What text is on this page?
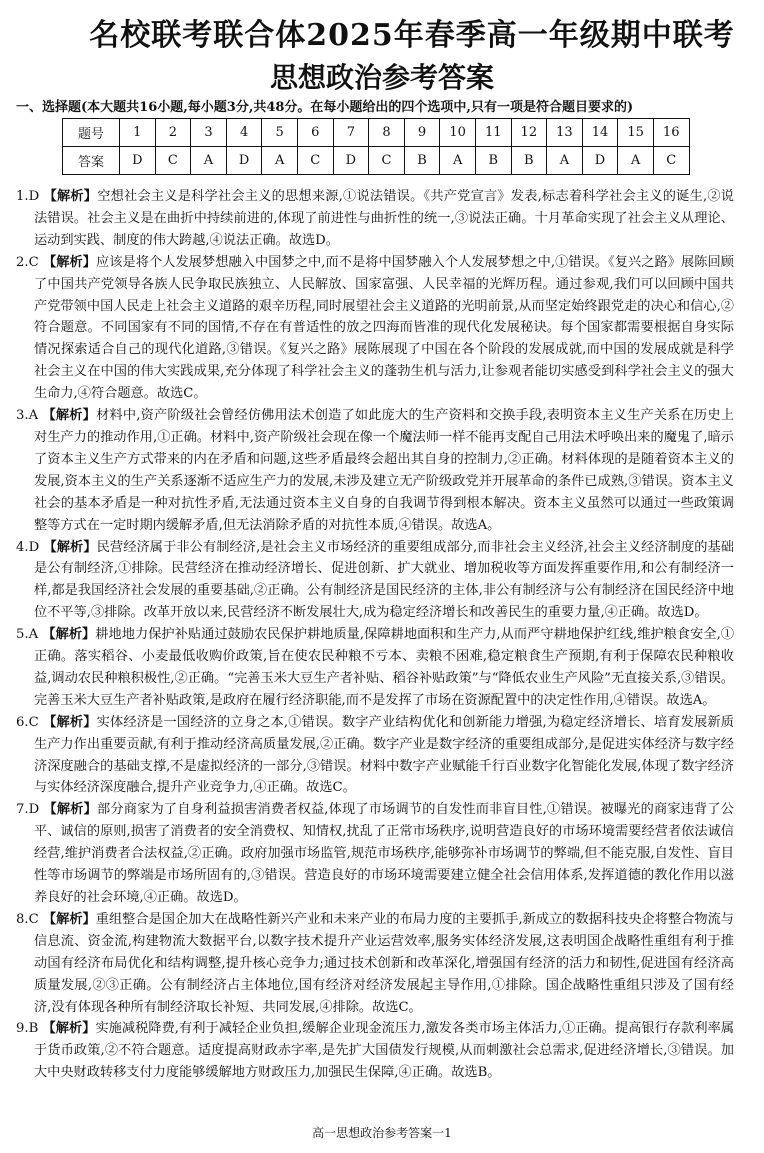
名校联考联合体2025年春季高一年级期中联考
思想政治参考答案
一、选择题(本大题共16小题,每小题3分,共48分。在每小题给出的四个选项中,只有一项是符合题目要求的)
题号	1	2	3	4	5	6	7	8	9	10	11	12	13	14	15	16
答案	D	C	A	D	A	C	D	C	B	A	B	B	A	D	A	C
1.D 【解析】空想社会主义是科学社会主义的思想来源,①说法错误。《共产党宣言》发表,标志着科学社会主义的诞生,②说法错误。社会主义是在曲折中持续前进的,体现了前进性与曲折性的统一,③说法正确。十月革命实现了社会主义从理论、运动到实践、制度的伟大跨越,④说法正确。故选D。
2.C 【解析】应该是将个人发展梦想融入中国梦之中,而不是将中国梦融入个人发展梦想之中,①错误。《复兴之路》展陈回顾了中国共产党领导各族人民争取民族独立、人民解放、国家富强、人民幸福的光辉历程。通过参观,我们可以回顾中国共产党带领中国人民走上社会主义道路的艰辛历程,同时展望社会主义道路的光明前景,从而坚定始终跟党走的决心和信心,②符合题意。不同国家有不同的国情,不存在有普适性的放之四海而皆准的现代化发展秘诀。每个国家都需要根据自身实际情况探索适合自己的现代化道路,③错误。《复兴之路》展陈展现了中国在各个阶段的发展成就,而中国的发展成就是科学社会主义在中国的伟大实践成果,充分体现了科学社会主义的蓬勃生机与活力,让参观者能切实感受到科学社会主义的强大生命力,④符合题意。故选C。
3.A 【解析】材料中,资产阶级社会曾经仿佛用法术创造了如此庞大的生产资料和交换手段,表明资本主义生产关系在历史上对生产力的推动作用,①正确。材料中,资产阶级社会现在像一个魔法师一样不能再支配自己用法术呼唤出来的魔鬼了,暗示了资本主义生产方式带来的内在矛盾和问题,这些矛盾最终会超出其自身的控制力,②正确。材料体现的是随着资本主义的发展,资本主义的生产关系逐渐不适应生产力的发展,未涉及建立无产阶级政党并开展革命的条件已成熟,③错误。资本主义社会的基本矛盾是一种对抗性矛盾,无法通过资本主义自身的自我调节得到根本解决。资本主义虽然可以通过一些政策调整等方式在一定时期内缓解矛盾,但无法消除矛盾的对抗性本质,④错误。故选A。
4.D 【解析】民营经济属于非公有制经济,是社会主义市场经济的重要组成部分,而非社会主义经济,社会主义经济制度的基础是公有制经济,①排除。民营经济在推动经济增长、促进创新、扩大就业、增加税收等方面发挥重要作用,和公有制经济一样,都是我国经济社会发展的重要基础,②正确。公有制经济是国民经济的主体,非公有制经济与公有制经济在国民经济中地位不平等,③排除。改革开放以来,民营经济不断发展壮大,成为稳定经济增长和改善民生的重要力量,④正确。故选D。
5.A 【解析】耕地地力保护补贴通过鼓励农民保护耕地质量,保障耕地面积和生产力,从而严守耕地保护红线,维护粮食安全,①正确。落实稻谷、小麦最低收购价政策,旨在使农民种粮不亏本、卖粮不困难,稳定粮食生产预期,有利于保障农民种粮收益,调动农民种粮积极性,②正确。“完善玉米大豆生产者补贴、稻谷补贴政策”与“降低农业生产风险”无直接关系,③错误。完善玉米大豆生产者补贴政策,是政府在履行经济职能,而不是发挥了市场在资源配置中的决定性作用,④错误。故选A。
6.C 【解析】实体经济是一国经济的立身之本,①错误。数字产业结构优化和创新能力增强,为稳定经济增长、培育发展新质生产力作出重要贡献,有利于推动经济高质量发展,②正确。数字产业是数字经济的重要组成部分,是促进实体经济与数字经济深度融合的基础支撑,不是虚拟经济的一部分,③错误。材料中数字产业赋能千行百业数字化智能化发展,体现了数字经济与实体经济深度融合,提升产业竞争力,④正确。故选C。
7.D 【解析】部分商家为了自身利益损害消费者权益,体现了市场调节的自发性而非盲目性,①错误。被曝光的商家违背了公平、诚信的原则,损害了消费者的安全消费权、知情权,扰乱了正常市场秩序,说明营造良好的市场环境需要经营者依法诚信经营,维护消费者合法权益,②正确。政府加强市场监管,规范市场秩序,能够弥补市场调节的弊端,但不能克服,自发性、盲目性等市场调节的弊端是市场所固有的,③错误。营造良好的市场环境需要建立健全社会信用体系,发挥道德的教化作用以滋养良好的社会环境,④正确。故选D。
8.C 【解析】重组整合是国企加大在战略性新兴产业和未来产业的布局力度的主要抓手,新成立的数据科技央企将整合物流与信息流、资金流,构建物流大数据平台,以数字技术提升产业运营效率,服务实体经济发展,这表明国企战略性重组有利于推动国有经济布局优化和结构调整,提升核心竞争力;通过技术创新和改革深化,增强国有经济的活力和韧性,促进国有经济高质量发展,②③正确。公有制经济占主体地位,国有经济对经济发展起主导作用,①排除。国企战略性重组只涉及了国有经济,没有体现各种所有制经济取长补短、共同发展,④排除。故选C。
9.B 【解析】实施减税降费,有利于减轻企业负担,缓解企业现金流压力,激发各类市场主体活力,①正确。提高银行存款利率属于货币政策,②不符合题意。适度提高财政赤字率,是先扩大国债发行规模,从而刺激社会总需求,促进经济增长,③错误。加大中央财政转移支付力度能够缓解地方财政压力,加强民生保障,④正确。故选B。
高一思想政治参考答案一1
